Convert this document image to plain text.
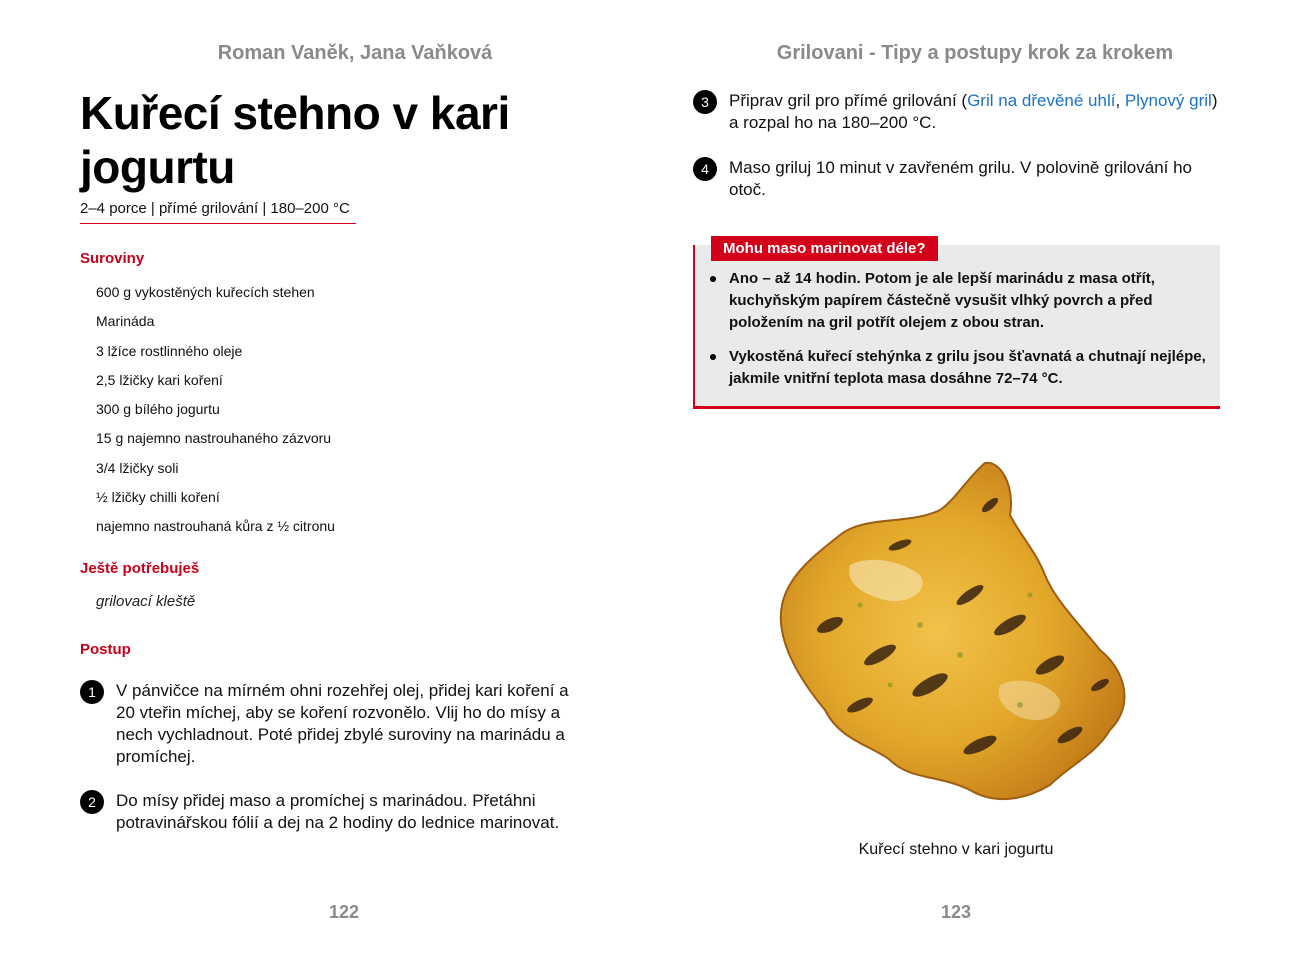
Roman Vaněk, Jana Vaňková
Kuřecí stehno v kari jogurtu
2–4 porce | přímé grilování | 180–200 °C
Suroviny
600 g vykostěných kuřecích stehen
Marináda
3 lžíce rostlinného oleje
2,5 lžičky kari koření
300 g bílého jogurtu
15 g najemno nastrouhaného zázvoru
3/4 lžičky soli
½ lžičky chilli koření
najemno nastrouhaná kůra z ½ citronu
Ještě potřebuješ
grilovací kleště
Postup
1	V pánvičce na mírném ohni rozehřej olej, přidej kari koření a 20 vteřin míchej, aby se koření rozvonělo. Vlij ho do mísy a nech vychladnout. Poté přidej zbylé suroviny na marinádu a promíchej.
2	Do mísy přidej maso a promíchej s marinádou. Přetáhni potravinářskou fólií a dej na 2 hodiny do lednice marinovat.
122
Grilovani - Tipy a postupy krok za krokem
3	Připrav gril pro přímé grilování (Gril na dřevěné uhlí, Plynový gril) a rozpal ho na 180–200 °C.
4	Maso griluj 10 minut v zavřeném grilu. V polovině grilování ho otoč.
Mohu maso marinovat déle?
Ano – až 14 hodin. Potom je ale lepší marinádu z masa otřít, kuchyňským papírem částečně vysušit vlhký povrch a před položením na gril potřít olejem z obou stran.
Vykostěná kuřecí stehýnka z grilu jsou šťavnatá a chutnají nejlépe, jakmile vnitřní teplota masa dosáhne 72–74 °C.
Kuřecí stehno v kari jogurtu
123
